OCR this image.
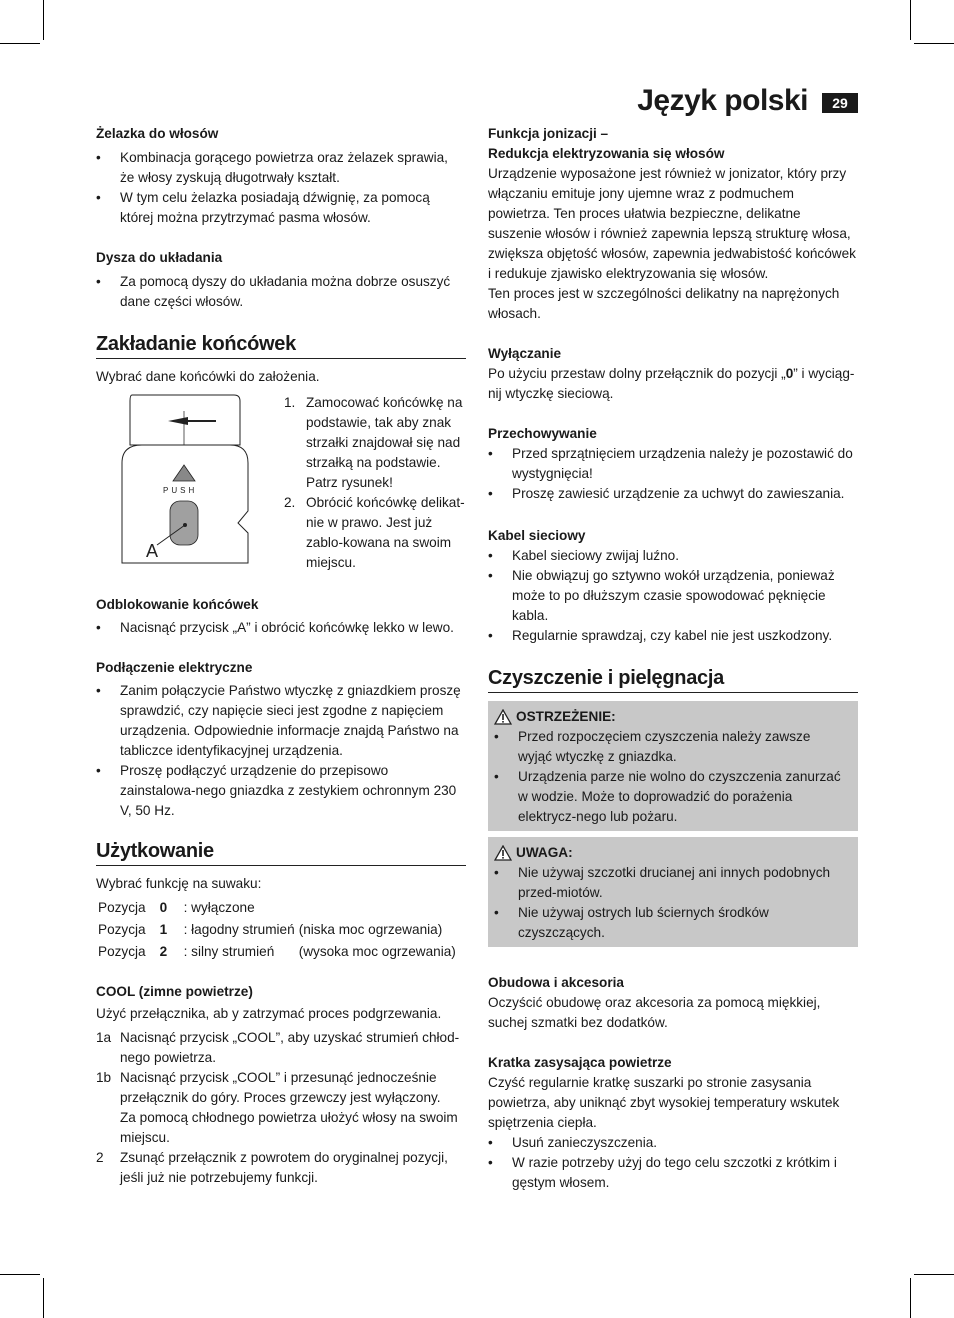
Język polski	29

Żelazka do włosów

• Kombinacja gorącego powietrza oraz żelazek sprawia, że włosy zyskują długotrwały kształt.
• W tym celu żelazka posiadają dźwignię, za pomocą której można przytrzymać pasma włosów.

Dysza do układania

• Za pomocą dyszy do układania można dobrze osuszyć dane części włosów.
Zakładanie końcówek

Wybrać dane końcówki do założenia.

PUSH
A
1. Zamocować końcówkę na podstawie, tak aby znak strzałki znajdował się nad strzałką na podstawie. Patrz rysunek!
2. Obrócić końcówkę delikat-nie w prawo. Jest już zablo-kowana na swoim miejscu.

Odblokowanie końcówek

• Nacisnąć przycisk „A” i obrócić końcówkę lekko w lewo.

Podłączenie elektryczne

• Zanim połączycie Państwo wtyczkę z gniazdkiem proszę sprawdzić, czy napięcie sieci jest zgodne z napięciem urządzenia. Odpowiednie informacje znajdą Państwo na tabliczce identyfikacyjnej urządzenia.
• Proszę podłączyć urządzenie do przepisowo zainstalowa-nego gniazdka z zestykiem ochronnym 230 V, 50 Hz.
Użytkowanie

Wybrać funkcję na suwaku:

Pozycja	0	: wyłączone	
Pozycja	1	: łagodny strumień	(niska moc ogrzewania)
Pozycja	2	: silny strumień	(wysoka moc ogrzewania)

COOL (zimne powietrze)

Użyć przełącznika, ab y zatrzymać proces podgrzewania.

1a Nacisnąć przycisk „COOL”, aby uzyskać strumień chłod-nego powietrza.
1b Nacisnąć przycisk „COOL” i przesunąć jednocześnie przełącznik do góry. Proces grzewczy jest wyłączony.
Za pomocą chłodnego powietrza ułożyć włosy na swoim miejscu.
2 Zsunąć przełącznik z powrotem do oryginalnej pozycji, jeśli już nie potrzebujemy funkcji.

Funkcja jonizacji –

Redukcja elektryzowania się włosów

Urządzenie wyposażone jest również w jonizator, który przy włączaniu emituje jony ujemne wraz z podmuchem powietrza. Ten proces ułatwia bezpieczne, delikatne suszenie włosów i również zapewnia lepszą strukturę włosa, zwiększa objętość włosów, zapewnia jedwabistość końcówek i redukuje zjawisko elektryzowania się włosów.

Ten proces jest w szczególności delikatny na naprężonych włosach.

Wyłączanie

Po użyciu przestaw dolny przełącznik do pozycji „0” i wyciąg-nij wtyczkę sieciową.

Przechowywanie

• Przed sprzątnięciem urządzenia należy je pozostawić do wystygnięcia!
• Proszę zawiesić urządzenie za uchwyt do zawieszania.

Kabel sieciowy

• Kabel sieciowy zwijaj luźno.
• Nie obwiązuj go sztywno wokół urządzenia, ponieważ może to po dłuższym czasie spowodować pęknięcie kabla.
• Regularnie sprawdzaj, czy kabel nie jest uszkodzony.
Czyszczenie i pielęgnacja
OSTRZEŻENIE:
• Przed rozpoczęciem czyszczenia należy zawsze wyjąć wtyczkę z gniazdka.
• Urządzenia parze nie wolno do czyszczenia zanurzać w wodzie. Może to doprowadzić do porażenia elektrycz-nego lub pożaru.
UWAGA:
• Nie używaj szczotki drucianej ani innych podobnych przed-miotów.
• Nie używaj ostrych lub ściernych środków czyszczących.

Obudowa i akcesoria

Oczyścić obudowę oraz akcesoria za pomocą miękkiej, suchej szmatki bez dodatków.

Kratka zasysająca powietrze

Czyść regularnie kratkę suszarki po stronie zasysania powietrza, aby uniknąć zbyt wysokiej temperatury wskutek spiętrzenia ciepła.

• Usuń zanieczyszczenia.
• W razie potrzeby użyj do tego celu szczotki z krótkim i gęstym włosem.
